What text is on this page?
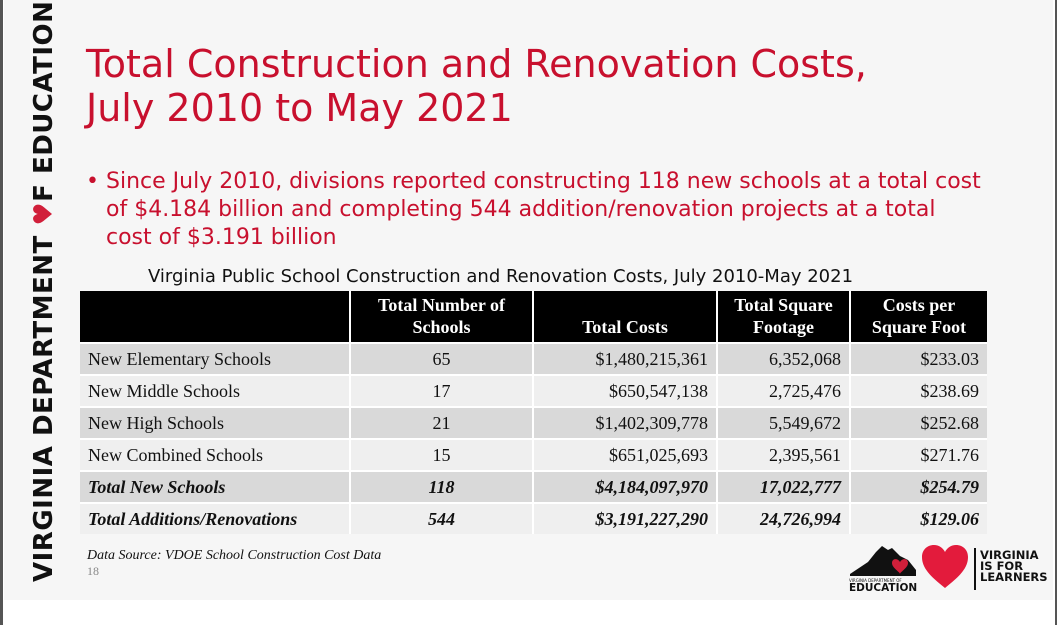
VIRGINIA DEPARTMENT ♥F EDUCATION Total Construction and Renovation Costs,
July 2010 to May 2021
• Since July 2010, divisions reported constructing 118 new schools at a total cost of $4.184 billion and completing 544 addition/renovation projects at a total cost of $3.191 billion
Virginia Public School Construction and Renovation Costs, July 2010-May 2021
	Total Number of Schools	Total Costs	Total Square Footage	Costs per Square Foot
New Elementary Schools	65	$1,480,215,361	6,352,068	$233.03
New Middle Schools	17	$650,547,138	2,725,476	$238.69
New High Schools	21	$1,402,309,778	5,549,672	$252.68
New Combined Schools	15	$651,025,693	2,395,561	$271.76
Total New Schools	118	$4,184,097,970	17,022,777	$254.79
Total Additions/Renovations	544	$3,191,227,290	24,726,994	$129.06
Data Source: VDOE School Construction Cost Data
18
VIRGINIA DEPARTMENT OF
EDUCATION
VIRGINIA
IS FOR
LEARNERS
